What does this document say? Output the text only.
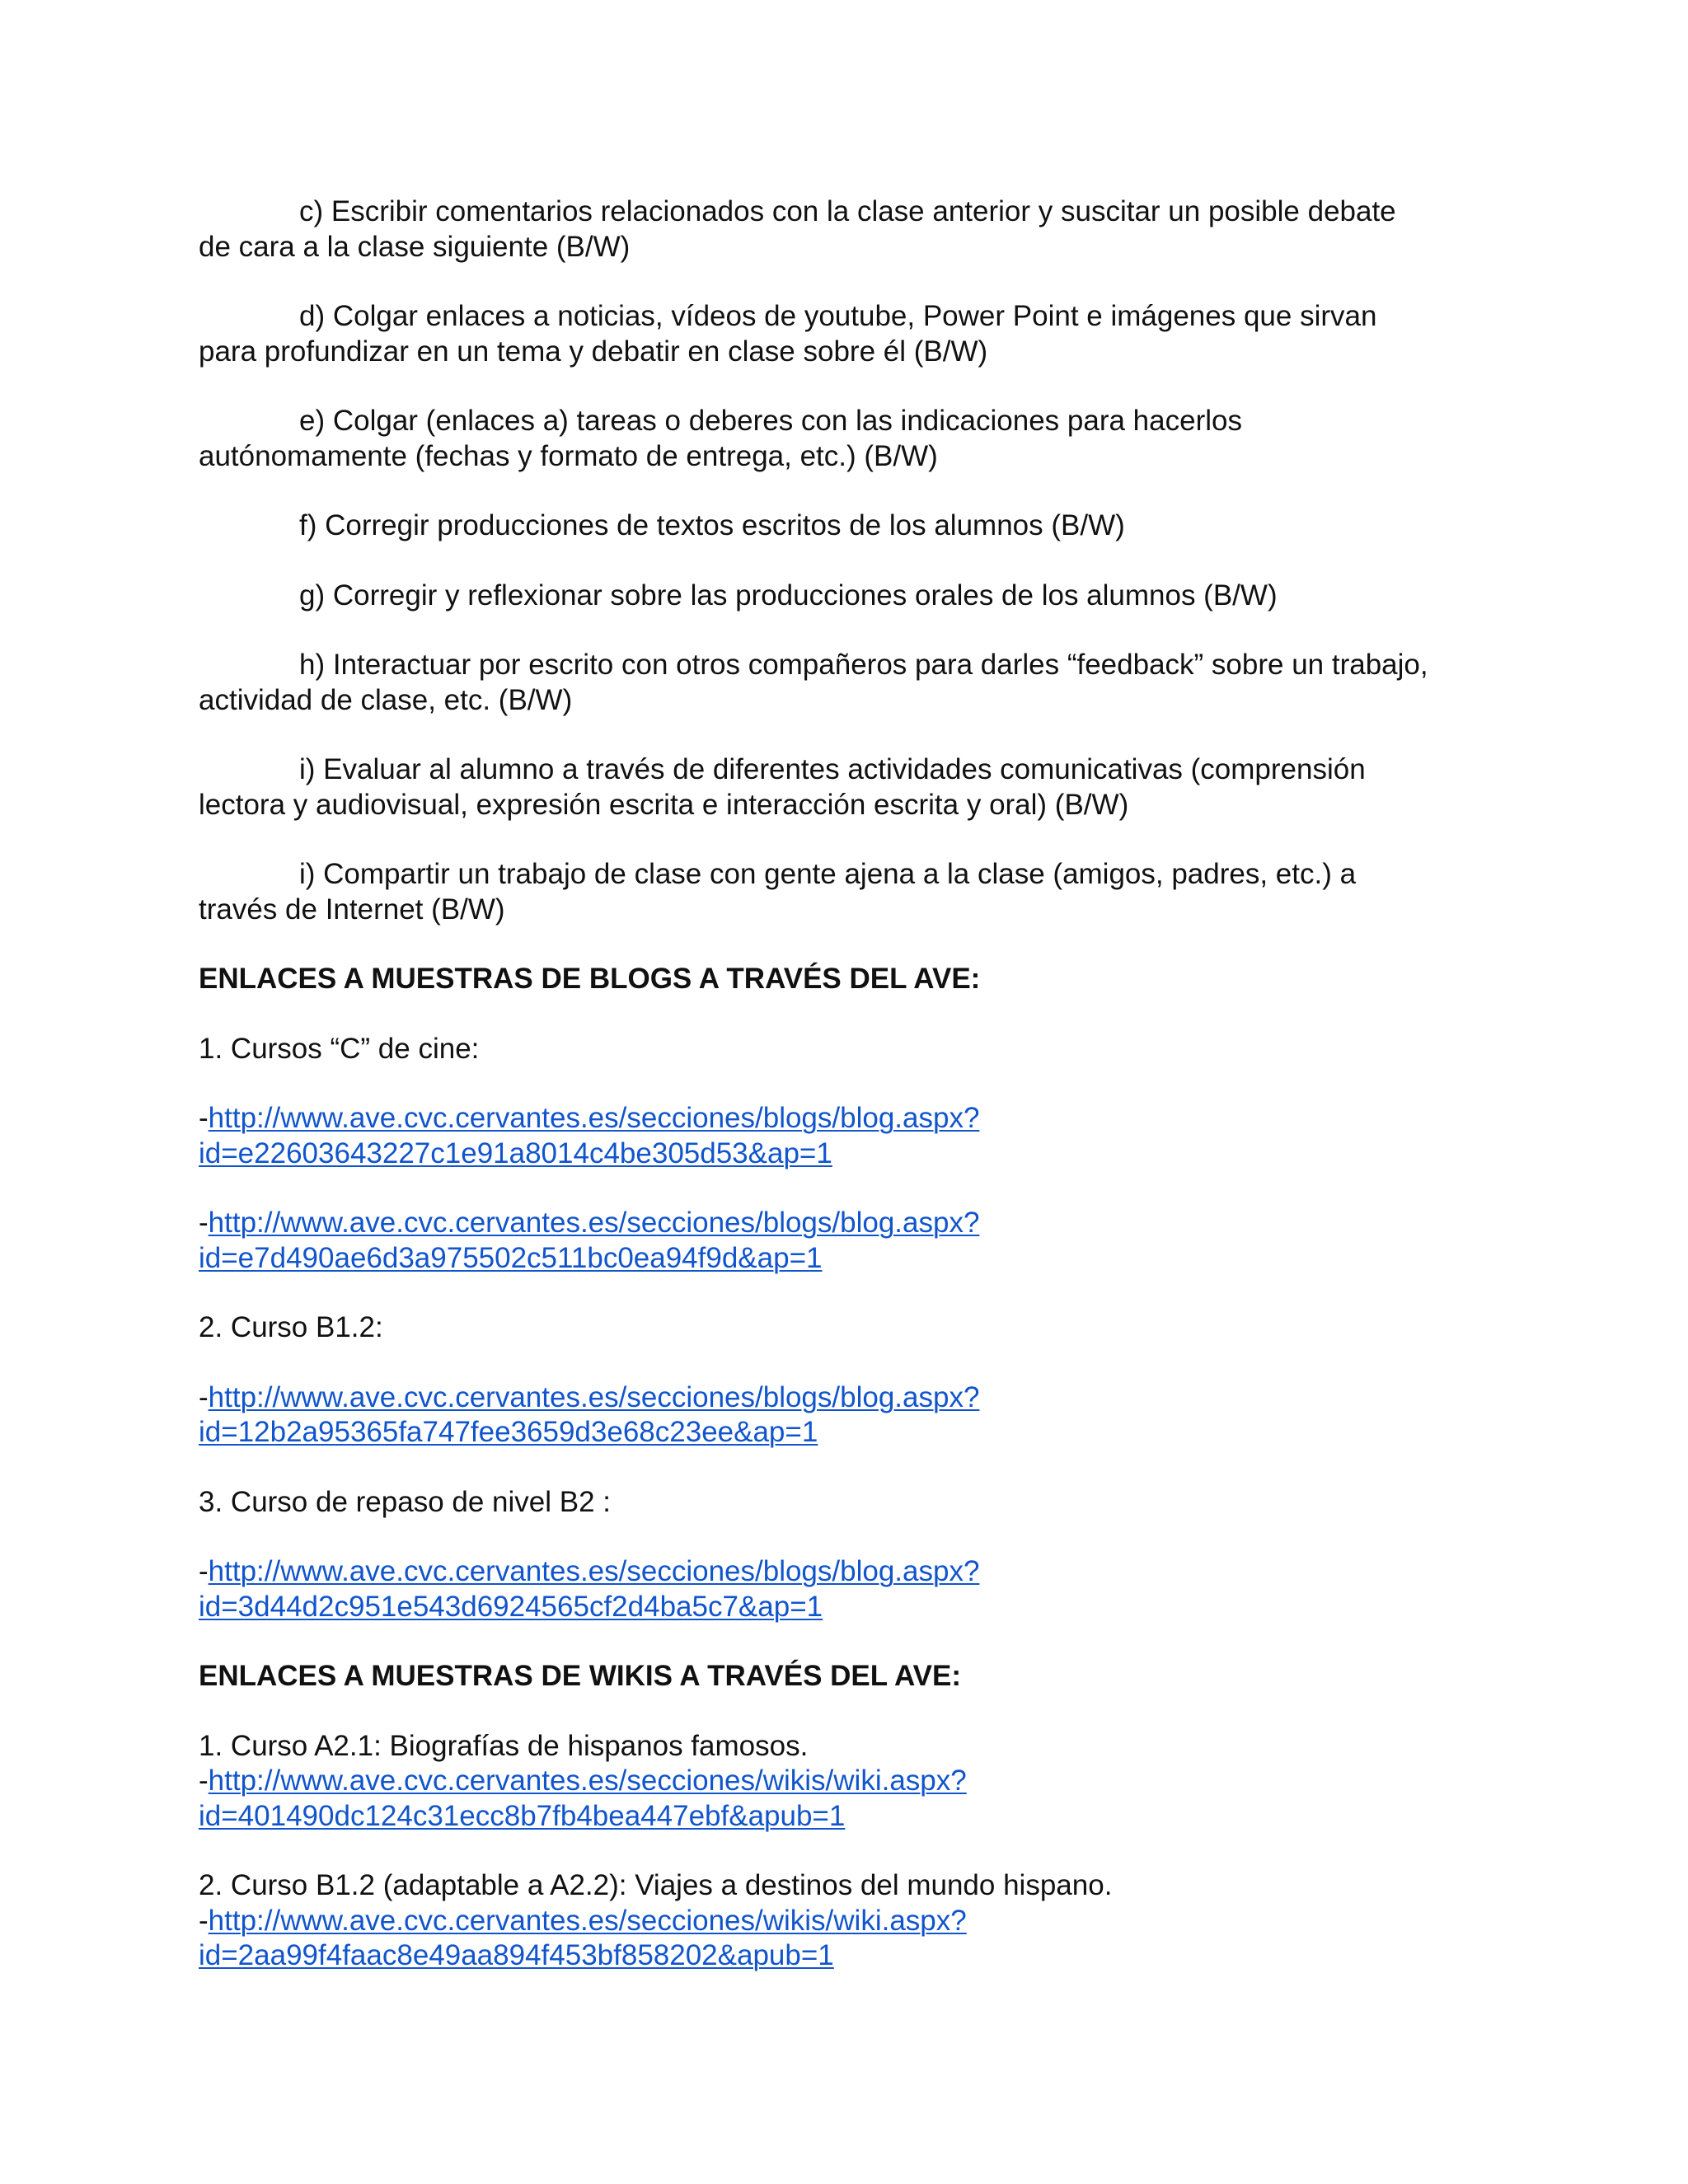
c) Escribir comentarios relacionados con la clase anterior y suscitar un posible debate
de cara a la clase siguiente (B/W)
d) Colgar enlaces a noticias, vídeos de youtube, Power Point e imágenes que sirvan
para profundizar en un tema y debatir en clase sobre él (B/W)
e) Colgar (enlaces a) tareas o deberes con las indicaciones para hacerlos
autónomamente (fechas y formato de entrega, etc.) (B/W)
f) Corregir producciones de textos escritos de los alumnos (B/W)
g) Corregir y reflexionar sobre las producciones orales de los alumnos (B/W)
h) Interactuar por escrito con otros compañeros para darles “feedback” sobre un trabajo,
actividad de clase, etc. (B/W)
i) Evaluar al alumno a través de diferentes actividades comunicativas (comprensión
lectora y audiovisual, expresión escrita e interacción escrita y oral) (B/W)
i) Compartir un trabajo de clase con gente ajena a la clase (amigos, padres, etc.) a
través de Internet (B/W)
ENLACES A MUESTRAS DE BLOGS A TRAVÉS DEL AVE:
1. Cursos “C” de cine:
-http://www.ave.cvc.cervantes.es/secciones/blogs/blog.aspx?
id=e22603643227c1e91a8014c4be305d53&ap=1
-http://www.ave.cvc.cervantes.es/secciones/blogs/blog.aspx?
id=e7d490ae6d3a975502c511bc0ea94f9d&ap=1
2. Curso B1.2:
-http://www.ave.cvc.cervantes.es/secciones/blogs/blog.aspx?
id=12b2a95365fa747fee3659d3e68c23ee&ap=1
3. Curso de repaso de nivel B2 :
-http://www.ave.cvc.cervantes.es/secciones/blogs/blog.aspx?
id=3d44d2c951e543d6924565cf2d4ba5c7&ap=1
ENLACES A MUESTRAS DE WIKIS A TRAVÉS DEL AVE:
1. Curso A2.1: Biografías de hispanos famosos.
-http://www.ave.cvc.cervantes.es/secciones/wikis/wiki.aspx?
id=401490dc124c31ecc8b7fb4bea447ebf&apub=1
2. Curso B1.2 (adaptable a A2.2): Viajes a destinos del mundo hispano.
-http://www.ave.cvc.cervantes.es/secciones/wikis/wiki.aspx?
id=2aa99f4faac8e49aa894f453bf858202&apub=1
